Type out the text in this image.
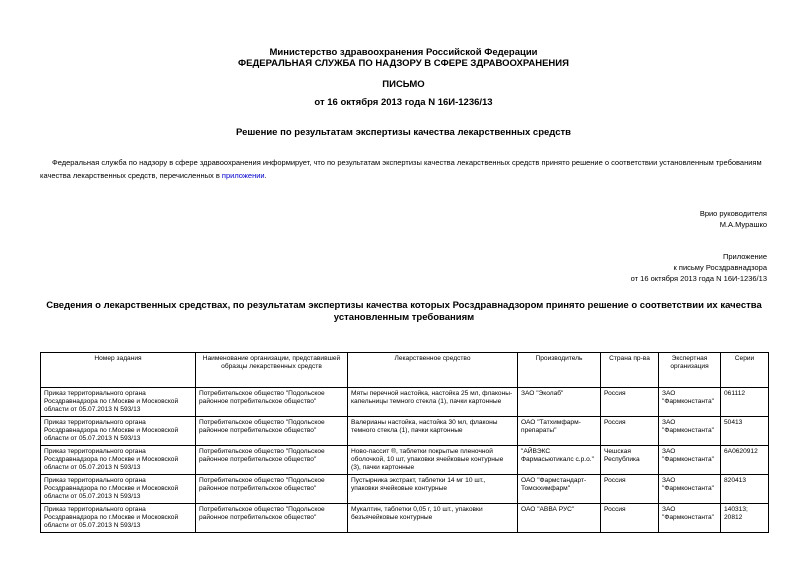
Министерство здравоохранения Российской Федерации
ФЕДЕРАЛЬНАЯ СЛУЖБА ПО НАДЗОРУ В СФЕРЕ ЗДРАВООХРАНЕНИЯ
ПИСЬМО
от 16 октября 2013 года N 16И-1236/13
Решение по результатам экспертизы качества лекарственных средств
Федеральная служба по надзору в сфере здравоохранения информирует, что по результатам экспертизы качества лекарственных средств принято решение о соответствии установленным требованиям качества лекарственных средств, перечисленных в приложении.
Врио руководителя
М.А.Мурашко
Приложение
к письму Росздравнадзора
от 16 октября 2013 года N 16И-1236/13
Сведения о лекарственных средствах, по результатам экспертизы качества которых Росздравнадзором принято решение о соответствии их качества установленным требованиям
Номер задания	Наименование организации, представившей образцы лекарственных средств	Лекарственное средство	Производитель	Страна пр-ва	Экспертная организация	Серии
Приказ территориального органа Росздравнадзора по г.Москве и Московской области от 05.07.2013 N 593/13	Потребительское общество "Подольское районное потребительское общество"	Мяты перечной настойка, настойка 25 мл, флаконы- капельницы темного стекла (1), пачки картонные	ЗАО "Эколаб"	Россия	ЗАО "Фармконстанта"	061112
Приказ территориального органа Росздравнадзора по г.Москве и Московской области от 05.07.2013 N 593/13	Потребительское общество "Подольское районное потребительское общество"	Валерианы настойка, настойка 30 мл, флаконы темного стекла (1), пачки картонные	ОАО "Татхимфарм- препараты"	Россия	ЗАО "Фармконстанта"	50413
Приказ территориального органа Росздравнадзора по г.Москве и Московской области от 05.07.2013 N 593/13	Потребительское общество "Подольское районное потребительское общество"	Ново-пассит ®, таблетки покрытые пленочной оболочкой, 10 шт, упаковки ячейковые контурные (3), пачки картонные	"АЙВЭКС Фармасьютикалс с.р.о."	Чешская Республика	ЗАО "Фармконстанта"	6А0620912
Приказ территориального органа Росздравнадзора по г.Москве и Московской области от 05.07.2013 N 593/13	Потребительское общество "Подольское районное потребительское общество"	Пустырника экстракт, таблетки 14 мг 10 шт., упаковки ячейковые контурные	ОАО "Фармстандарт- Томскхимфарм"	Россия	ЗАО "Фармконстанта"	820413
Приказ территориального органа Росздравнадзора по г.Москве и Московской области от 05.07.2013 N 593/13	Потребительское общество "Подольское районное потребительское общество"	Мукалтин, таблетки 0,05 г, 10 шт., упаковки безъячейковые контурные	ОАО "АВВА РУС"	Россия	ЗАО "Фармконстанта"	140313; 20812
